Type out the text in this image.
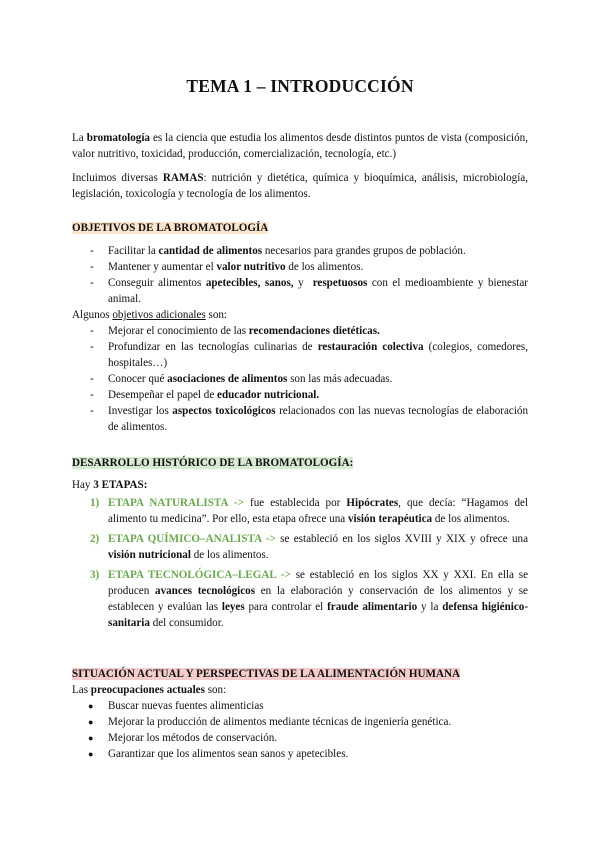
TEMA 1 – INTRODUCCIÓN

La bromatología es la ciencia que estudia los alimentos desde distintos puntos de vista (composición, valor nutritivo, toxicidad, producción, comercialización, tecnología, etc.)

Incluimos diversas RAMAS: nutrición y dietética, química y bioquímica, análisis, microbiología, legislación, toxicología y tecnología de los alimentos.

OBJETIVOS DE LA BROMATOLOGÍA

- Facilitar la cantidad de alimentos necesarios para grandes grupos de población.
- Mantener y aumentar el valor nutritivo de los alimentos.
- Conseguir alimentos apetecibles, sanos, y  respetuosos con el medioambiente y bienestar animal.

Algunos objetivos adicionales son:

- Mejorar el conocimiento de las recomendaciones dietéticas.
- Profundizar en las tecnologías culinarias de restauración colectiva (colegios, comedores, hospitales…)
- Conocer qué asociaciones de alimentos son las más adecuadas.
- Desempeñar el papel de educador nutricional.
- Investigar los aspectos toxicológicos relacionados con las nuevas tecnologías de elaboración de alimentos.

DESARROLLO HISTÓRICO DE LA BROMATOLOGÍA:

Hay 3 ETAPAS:

1) ETAPA NATURALISTA -> fue establecida por Hipócrates, que decía: “Hagamos del alimento tu medicina”. Por ello, esta etapa ofrece una visión terapéutica de los alimentos.
2) ETAPA QUÍMICO–ANALISTA -> se estableció en los siglos XVIII y XIX y ofrece una visión nutricional de los alimentos.
3) ETAPA TECNOLÓGICA–LEGAL -> se estableció en los siglos XX y XXI. En ella se producen avances tecnológicos en la elaboración y conservación de los alimentos y se establecen y evalúan las leyes para controlar el fraude alimentario y la defensa higiénico-sanitaria del consumidor.

SITUACIÓN ACTUAL Y PERSPECTIVAS DE LA ALIMENTACIÓN HUMANA

Las preocupaciones actuales son:

● Buscar nuevas fuentes alimenticias
● Mejorar la producción de alimentos mediante técnicas de ingeniería genética.
● Mejorar los métodos de conservación.
● Garantizar que los alimentos sean sanos y apetecibles.
